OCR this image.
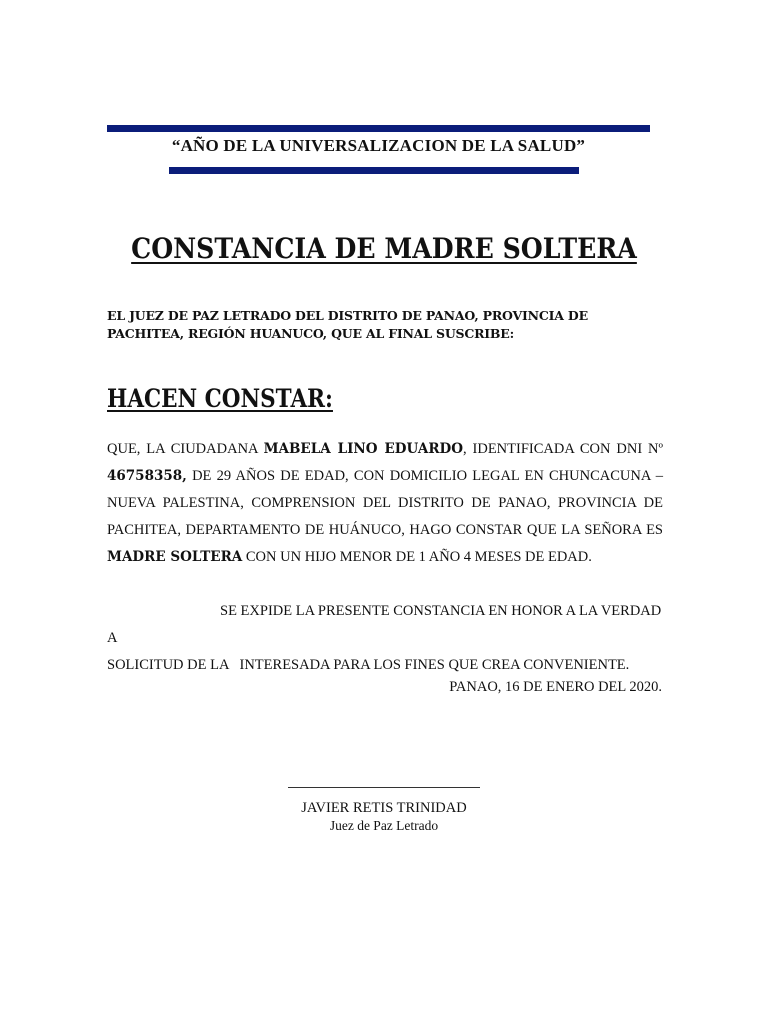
“AÑO DE LA UNIVERSALIZACION DE LA SALUD”
CONSTANCIA DE MADRE SOLTERA
EL JUEZ DE PAZ LETRADO DEL DISTRITO DE PANAO, PROVINCIA DE PACHITEA, REGIÓN HUANUCO, QUE AL FINAL SUSCRIBE:
HACEN CONSTAR:
QUE, LA CIUDADANA MABELA LINO EDUARDO, IDENTIFICADA CON DNI Nº 46758358, DE 29 AÑOS DE EDAD, CON DOMICILIO LEGAL EN CHUNCACUNA – NUEVA PALESTINA, COMPRENSION DEL DISTRITO DE PANAO, PROVINCIA DE PACHITEA, DEPARTAMENTO DE HUÁNUCO, HAGO CONSTAR QUE LA SEÑORA ES MADRE SOLTERA CON UN HIJO MENOR DE 1 AÑO 4 MESES DE EDAD.
SE EXPIDE LA PRESENTE CONSTANCIA EN HONOR A LA VERDAD A
SOLICITUD DE LA   INTERESADA PARA LOS FINES QUE CREA CONVENIENTE.
PANAO, 16 DE ENERO DEL 2020.
JAVIER RETIS TRINIDAD
Juez de Paz Letrado
